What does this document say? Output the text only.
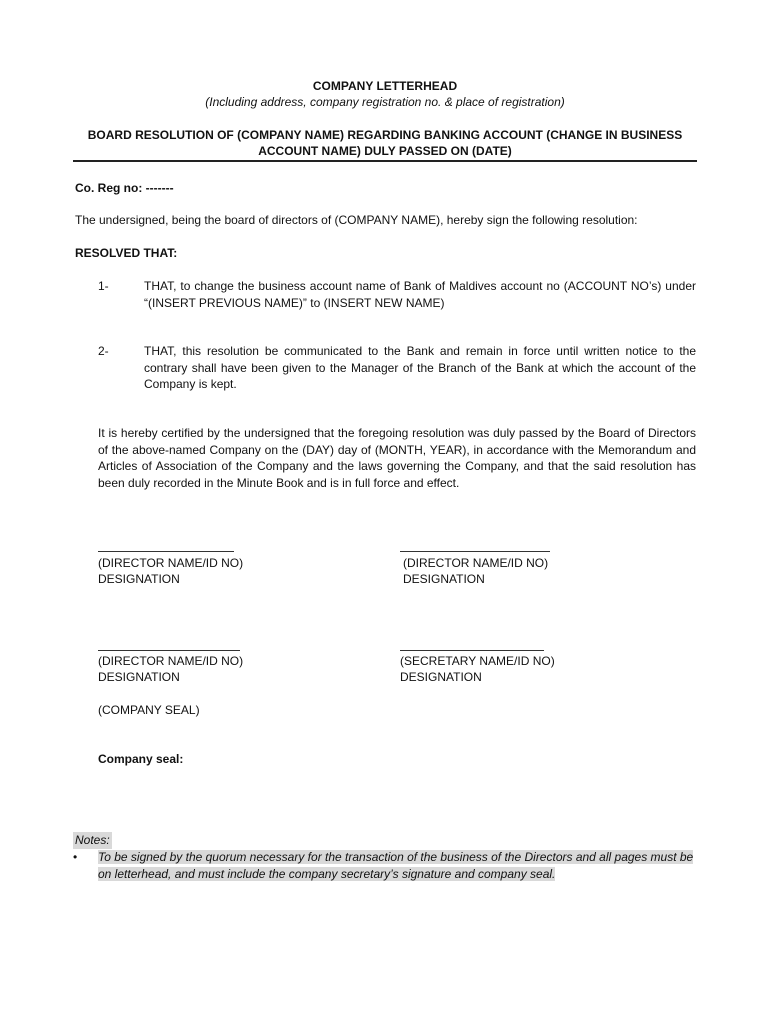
COMPANY LETTERHEAD
(Including address, company registration no. & place of registration)
BOARD RESOLUTION OF (COMPANY NAME) REGARDING BANKING ACCOUNT (CHANGE IN BUSINESS
ACCOUNT NAME) DULY PASSED ON (DATE)
Co. Reg no: -------
The undersigned, being the board of directors of (COMPANY NAME), hereby sign the following resolution:
RESOLVED THAT:
1-	THAT, to change the business account name of Bank of Maldives account no (ACCOUNT NO’s) under “(INSERT PREVIOUS NAME)” to (INSERT NEW NAME)
2-	THAT, this resolution be communicated to the Bank and remain in force until written notice to the contrary shall have been given to the Manager of the Branch of the Bank at which the account of the Company is kept.
It is hereby certified by the undersigned that the foregoing resolution was duly passed by the Board of Directors of the above-named Company on the (DAY) day of (MONTH, YEAR), in accordance with the Memorandum and Articles of Association of the Company and the laws governing the Company, and that the said resolution has been duly recorded in the Minute Book and is in full force and effect.
(DIRECTOR NAME/ID NO)
DESIGNATION
(DIRECTOR NAME/ID NO)
DESIGNATION
(DIRECTOR NAME/ID NO)
DESIGNATION
(SECRETARY NAME/ID NO)
DESIGNATION
(COMPANY SEAL)
Company seal:
Notes:
• To be signed by the quorum necessary for the transaction of the business of the Directors and all pages must be on letterhead, and must include the company secretary’s signature and company seal.
